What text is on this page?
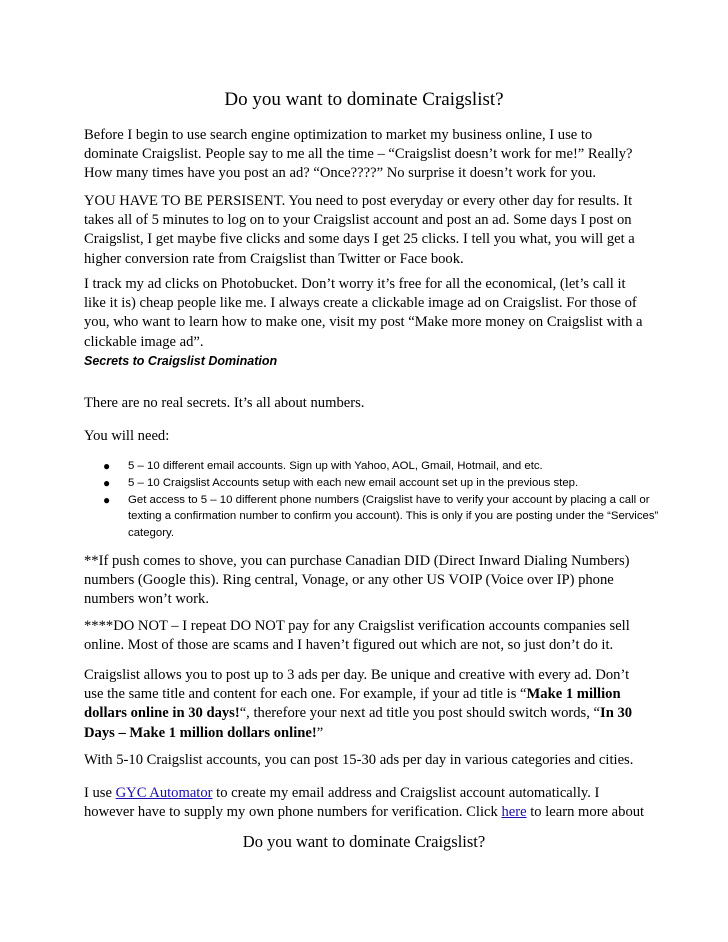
Do you want to dominate Craigslist?

Before I begin to use search engine optimization to market my business online, I use to dominate Craigslist. People say to me all the time – “Craigslist doesn’t work for me!” Really? How many times have you post an ad? “Once????” No surprise it doesn’t work for you.

YOU HAVE TO BE PERSISENT. You need to post everyday or every other day for results. It takes all of 5 minutes to log on to your Craigslist account and post an ad. Some days I post on Craigslist, I get maybe five clicks and some days I get 25 clicks. I tell you what, you will get a higher conversion rate from Craigslist than Twitter or Face book.

I track my ad clicks on Photobucket. Don’t worry it’s free for all the economical, (let’s call it like it is) cheap people like me. I always create a clickable image ad on Craigslist. For those of you, who want to learn how to make one, visit my post “Make more money on Craigslist with a clickable image ad”.

Secrets to Craigslist Domination

There are no real secrets. It’s all about numbers.

You will need:

● 5 – 10 different email accounts. Sign up with Yahoo, AOL, Gmail, Hotmail, and etc.
● 5 – 10 Craigslist Accounts setup with each new email account set up in the previous step.
● Get access to 5 – 10 different phone numbers (Craigslist have to verify your account by placing a call or texting a confirmation number to confirm you account). This is only if you are posting under the “Services” category.

**If push comes to shove, you can purchase Canadian DID (Direct Inward Dialing Numbers) numbers (Google this). Ring central, Vonage, or any other US VOIP (Voice over IP) phone numbers won’t work.

****DO NOT – I repeat DO NOT pay for any Craigslist verification accounts companies sell online. Most of those are scams and I haven’t figured out which are not, so just don’t do it.

Craigslist allows you to post up to 3 ads per day. Be unique and creative with every ad. Don’t use the same title and content for each one. For example, if your ad title is “Make 1 million dollars online in 30 days!“, therefore your next ad title you post should switch words, “In 30 Days – Make 1 million dollars online!”

With 5-10 Craigslist accounts, you can post 15-30 ads per day in various categories and cities.

I use GYC Automator to create my email address and Craigslist account automatically. I however have to supply my own phone numbers for verification. Click here to learn more about

Do you want to dominate Craigslist?
